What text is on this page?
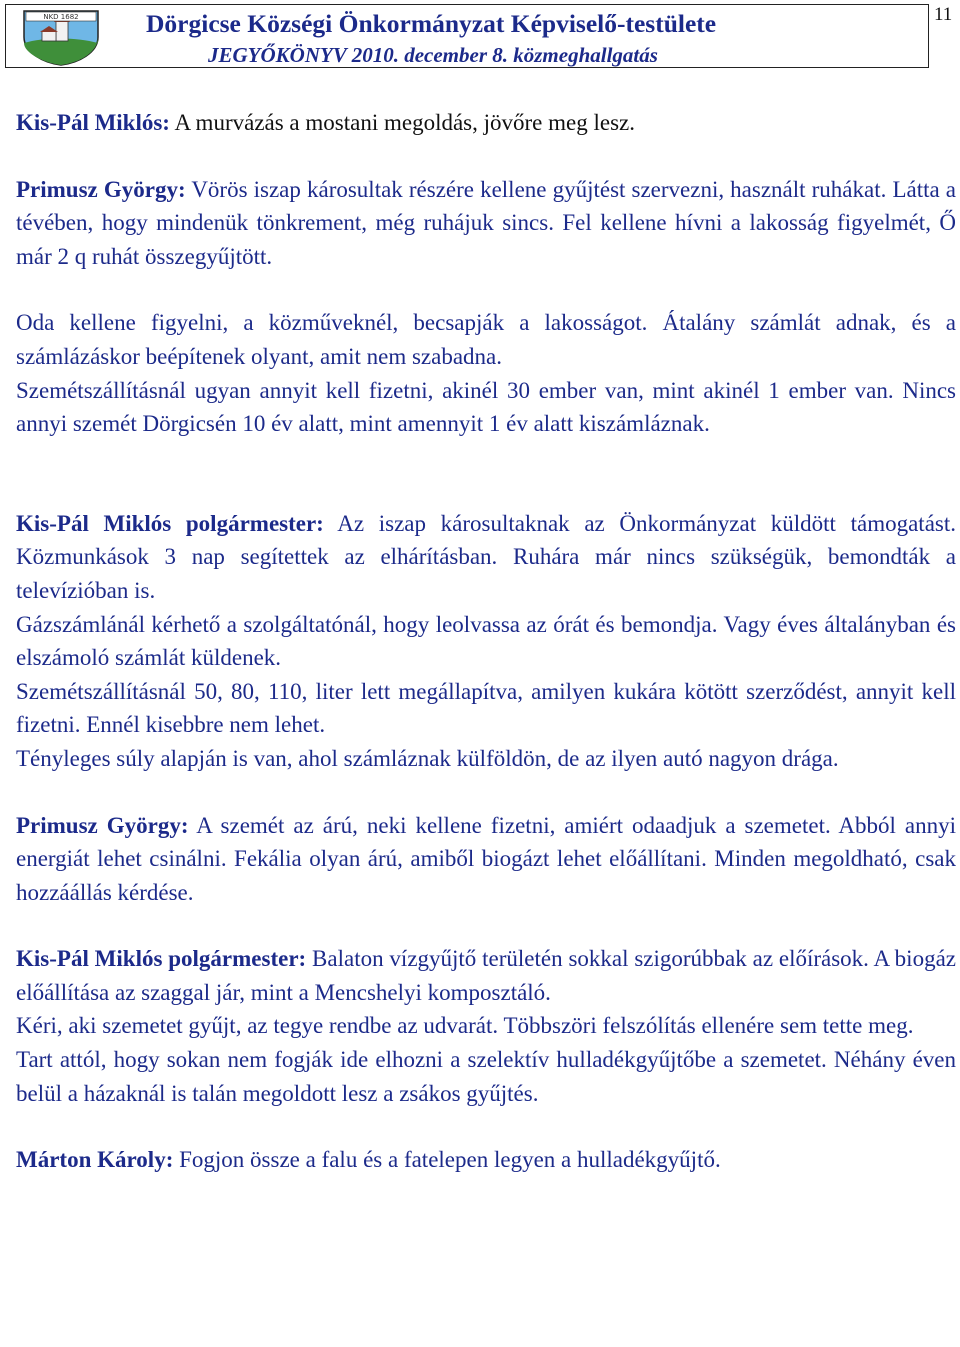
NKD 1682	Dörgicse Községi Önkormányzat Képviselő-testülete
JEGYŐKÖNYV 2010. december 8. közmeghallgatás
11

Kis-Pál Miklós: A murvázás a mostani megoldás, jövőre meg lesz.

Primusz György: Vörös iszap károsultak részére kellene gyűjtést szervezni, használt ruhákat. Látta a tévében, hogy mindenük tönkrement, még ruhájuk sincs. Fel kellene hívni a lakosság figyelmét, Ő már 2 q ruhát összegyűjtött.

Oda kellene figyelni, a közműveknél, becsapják a lakosságot. Átalány számlát adnak, és a számlázáskor beépítenek olyant, amit nem szabadna.

Szemétszállításnál ugyan annyit kell fizetni, akinél 30 ember van, mint akinél 1 ember van. Nincs annyi szemét Dörgicsén 10 év alatt, mint amennyit 1 év alatt kiszámláznak.

Kis-Pál Miklós polgármester: Az iszap károsultaknak az Önkormányzat küldött támogatást. Közmunkások 3 nap segítettek az elhárításban. Ruhára már nincs szükségük, bemondták a televízióban is.

Gázszámlánál kérhető a szolgáltatónál, hogy leolvassa az órát és bemondja. Vagy éves általányban és elszámoló számlát küldenek.

Szemétszállításnál 50, 80, 110, liter lett megállapítva, amilyen kukára kötött szerződést, annyit kell fizetni. Ennél kisebbre nem lehet.

Tényleges súly alapján is van, ahol számláznak külföldön, de az ilyen autó nagyon drága.

Primusz György: A szemét az árú, neki kellene fizetni, amiért odaadjuk a szemetet. Abból annyi energiát lehet csinálni. Fekália olyan árú, amiből biogázt lehet előállítani. Minden megoldható, csak hozzáállás kérdése.

Kis-Pál Miklós polgármester: Balaton vízgyűjtő területén sokkal szigorúbbak az előírások. A biogáz előállítása az szaggal jár, mint a Mencshelyi komposztáló.

Kéri, aki szemetet gyűjt, az tegye rendbe az udvarát. Többszöri felszólítás ellenére sem tette meg.

Tart attól, hogy sokan nem fogják ide elhozni a szelektív hulladékgyűjtőbe a szemetet. Néhány éven belül a házaknál is talán megoldott lesz a zsákos gyűjtés.

Márton Károly: Fogjon össze a falu és a fatelepen legyen a hulladékgyűjtő.
